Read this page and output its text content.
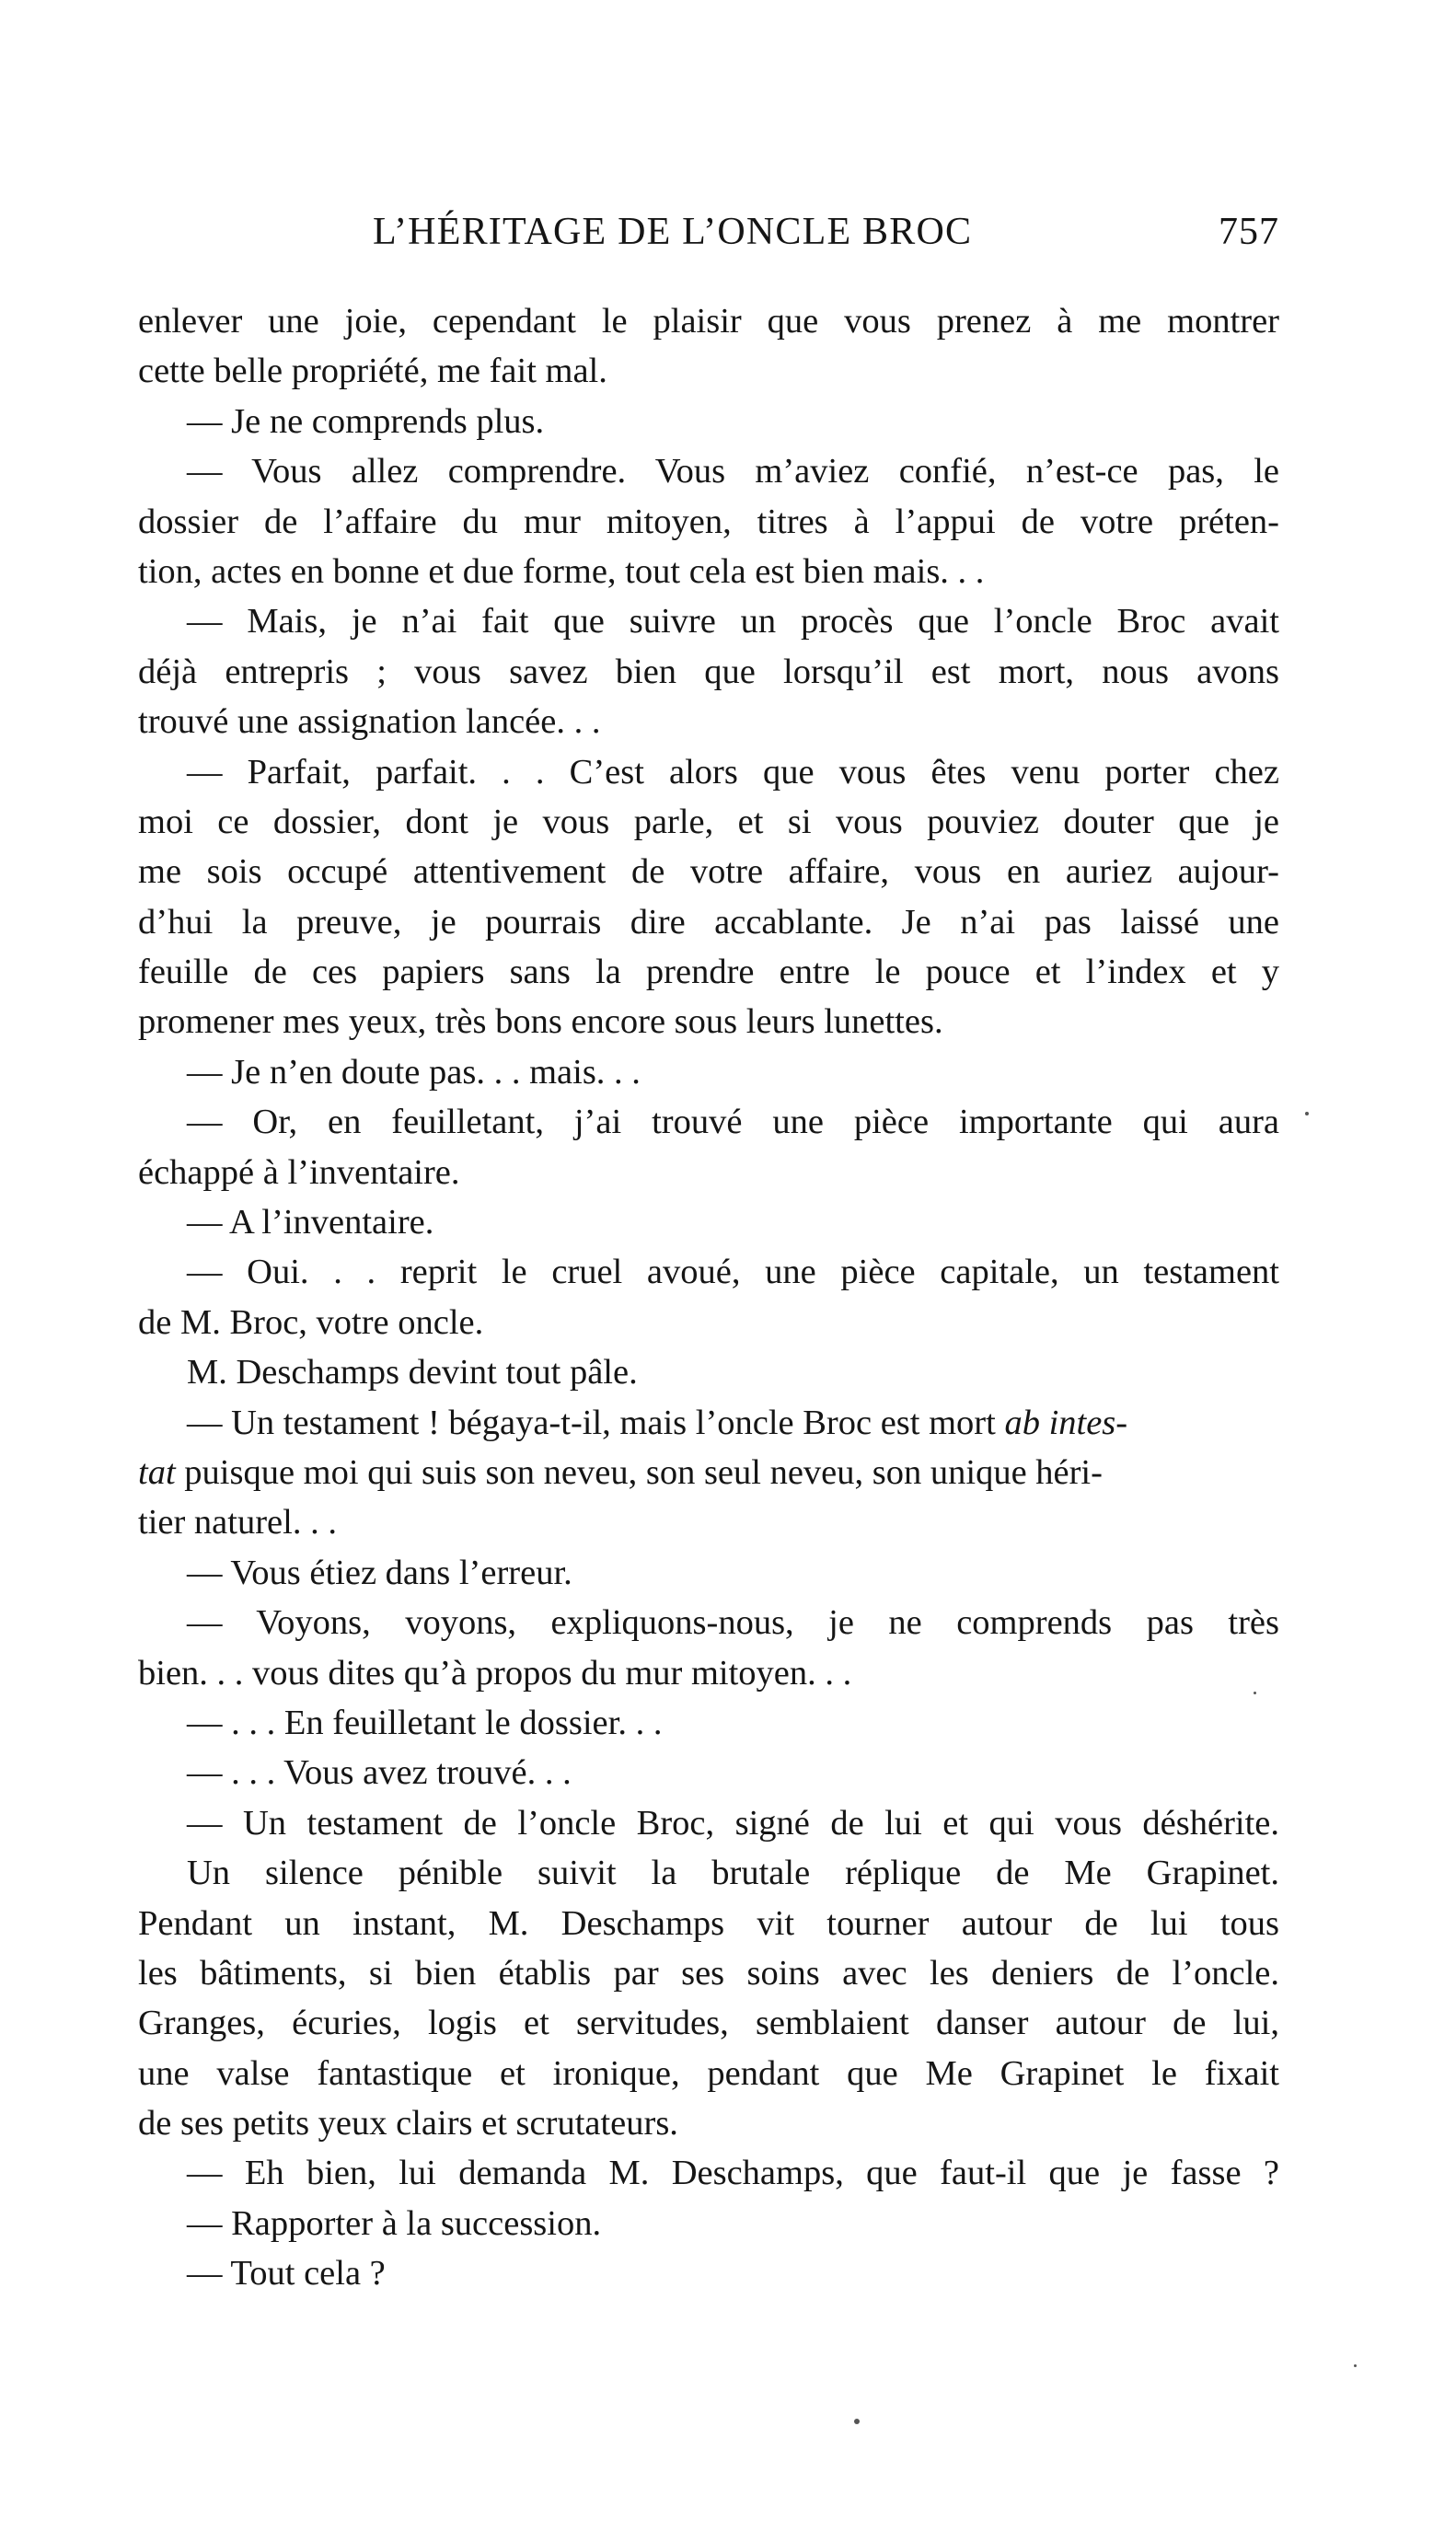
L’HÉRITAGE DE L’ONCLE BROC	757
enlever une joie, cependant le plaisir que vous prenez à me montrer
cette belle propriété, me fait mal.
— Je ne comprends plus.
— Vous allez comprendre. Vous m’aviez confié, n’est-ce pas, le
dossier de l’affaire du mur mitoyen, titres à l’appui de votre préten-
tion, actes en bonne et due forme, tout cela est bien mais. . .
— Mais, je n’ai fait que suivre un procès que l’oncle Broc avait
déjà entrepris ; vous savez bien que lorsqu’il est mort, nous avons
trouvé une assignation lancée. . .
— Parfait, parfait. . . C’est alors que vous êtes venu porter chez
moi ce dossier, dont je vous parle, et si vous pouviez douter que je
me sois occupé attentivement de votre affaire, vous en auriez aujour-
d’hui la preuve, je pourrais dire accablante. Je n’ai pas laissé une
feuille de ces papiers sans la prendre entre le pouce et l’index et y
promener mes yeux, très bons encore sous leurs lunettes.
— Je n’en doute pas. . . mais. . .
— Or, en feuilletant, j’ai trouvé une pièce importante qui aura
échappé à l’inventaire.
— A l’inventaire.
— Oui. . . reprit le cruel avoué, une pièce capitale, un testament
de M. Broc, votre oncle.
M. Deschamps devint tout pâle.
— Un testament ! bégaya-t-il, mais l’oncle Broc est mort ab intes-
tat puisque moi qui suis son neveu, son seul neveu, son unique héri-
tier naturel. . .
— Vous étiez dans l’erreur.
— Voyons, voyons, expliquons-nous, je ne comprends pas très
bien. . . vous dites qu’à propos du mur mitoyen. . .
— . . . En feuilletant le dossier. . .
— . . . Vous avez trouvé. . .
— Un testament de l’oncle Broc, signé de lui et qui vous déshérite.
Un silence pénible suivit la brutale réplique de Me Grapinet.
Pendant un instant, M. Deschamps vit tourner autour de lui tous
les bâtiments, si bien établis par ses soins avec les deniers de l’oncle.
Granges, écuries, logis et servitudes, semblaient danser autour de lui,
une valse fantastique et ironique, pendant que Me Grapinet le fixait
de ses petits yeux clairs et scrutateurs.
— Eh bien, lui demanda M. Deschamps, que faut-il que je fasse ?
— Rapporter à la succession.
— Tout cela ?
